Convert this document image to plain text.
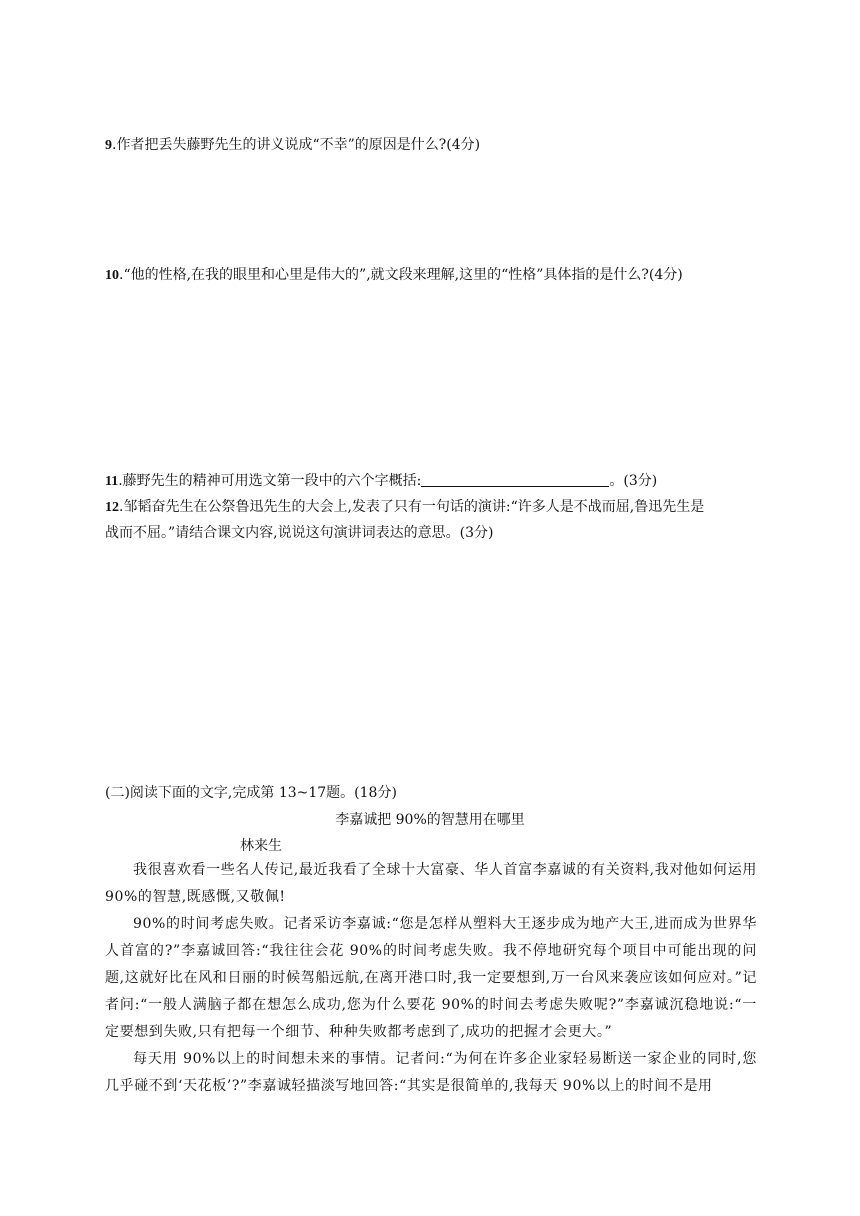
9.作者把丢失藤野先生的讲义说成“不幸”的原因是什么?(4分)
10.“他的性格,在我的眼里和心里是伟大的”,就文段来理解,这里的“性格”具体指的是什么?(4分)
11.藤野先生的精神可用选文第一段中的六个字概括:	。(3分)
12.邹韬奋先生在公祭鲁迅先生的大会上,发表了只有一句话的演讲:“许多人是不战而屈,鲁迅先生是
战而不屈。”请结合课文内容,说说这句演讲词表达的意思。(3分)
(二)阅读下面的文字,完成第 13~17题。(18分)
李嘉诚把 90%的智慧用在哪里
林来生
我很喜欢看一些名人传记,最近我看了全球十大富豪、华人首富李嘉诚的有关资料,我对他如何运用 90%的智慧,既感慨,又敬佩!
90%的时间考虑失败。记者采访李嘉诚:“您是怎样从塑料大王逐步成为地产大王,进而成为世界华人首富的?”李嘉诚回答:“我往往会花 90%的时间考虑失败。我不停地研究每个项目中可能出现的问题,这就好比在风和日丽的时候驾船远航,在离开港口时,我一定要想到,万一台风来袭应该如何应对。”记者问:“一般人满脑子都在想怎么成功,您为什么要花 90%的时间去考虑失败呢?”李嘉诚沉稳地说:“一定要想到失败,只有把每一个细节、种种失败都考虑到了,成功的把握才会更大。”
每天用 90%以上的时间想未来的事情。记者问:“为何在许多企业家轻易断送一家企业的同时,您几乎碰不到‘天花板’?”李嘉诚轻描淡写地回答:“其实是很简单的,我每天 90%以上的时间不是用
